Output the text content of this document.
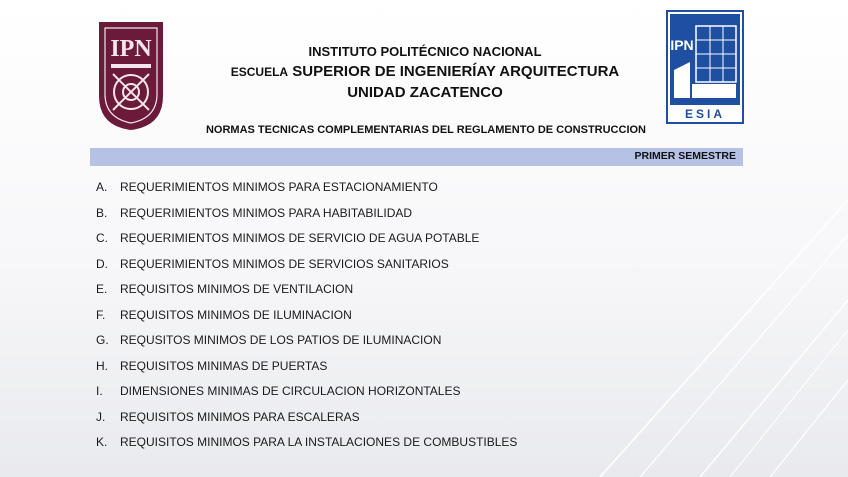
IPN	IPN
ESIA
INSTITUTO POLITÉCNICO NACIONAL
ESCUELA SUPERIOR DE INGENIERÍAY ARQUITECTURA
UNIDAD ZACATENCO
NORMAS TECNICAS COMPLEMENTARIAS DEL REGLAMENTO DE CONSTRUCCION
PRIMER SEMESTRE
A. REQUERIMIENTOS MINIMOS PARA ESTACIONAMIENTO
B. REQUERIMIENTOS MINIMOS PARA HABITABILIDAD
C. REQUERIMIENTOS MINIMOS DE SERVICIO DE AGUA POTABLE
D. REQUERIMIENTOS MINIMOS DE SERVICIOS SANITARIOS
E. REQUISITOS MINIMOS DE VENTILACION
F. REQUISITOS MINIMOS DE ILUMINACION
G. REQUSITOS MINIMOS DE LOS PATIOS DE ILUMINACION
H. REQUISITOS MINIMAS DE PUERTAS
I. DIMENSIONES MINIMAS DE CIRCULACION HORIZONTALES
J. REQUISITOS MINIMOS PARA ESCALERAS
K. REQUISITOS MINIMOS PARA LA INSTALACIONES DE COMBUSTIBLES
